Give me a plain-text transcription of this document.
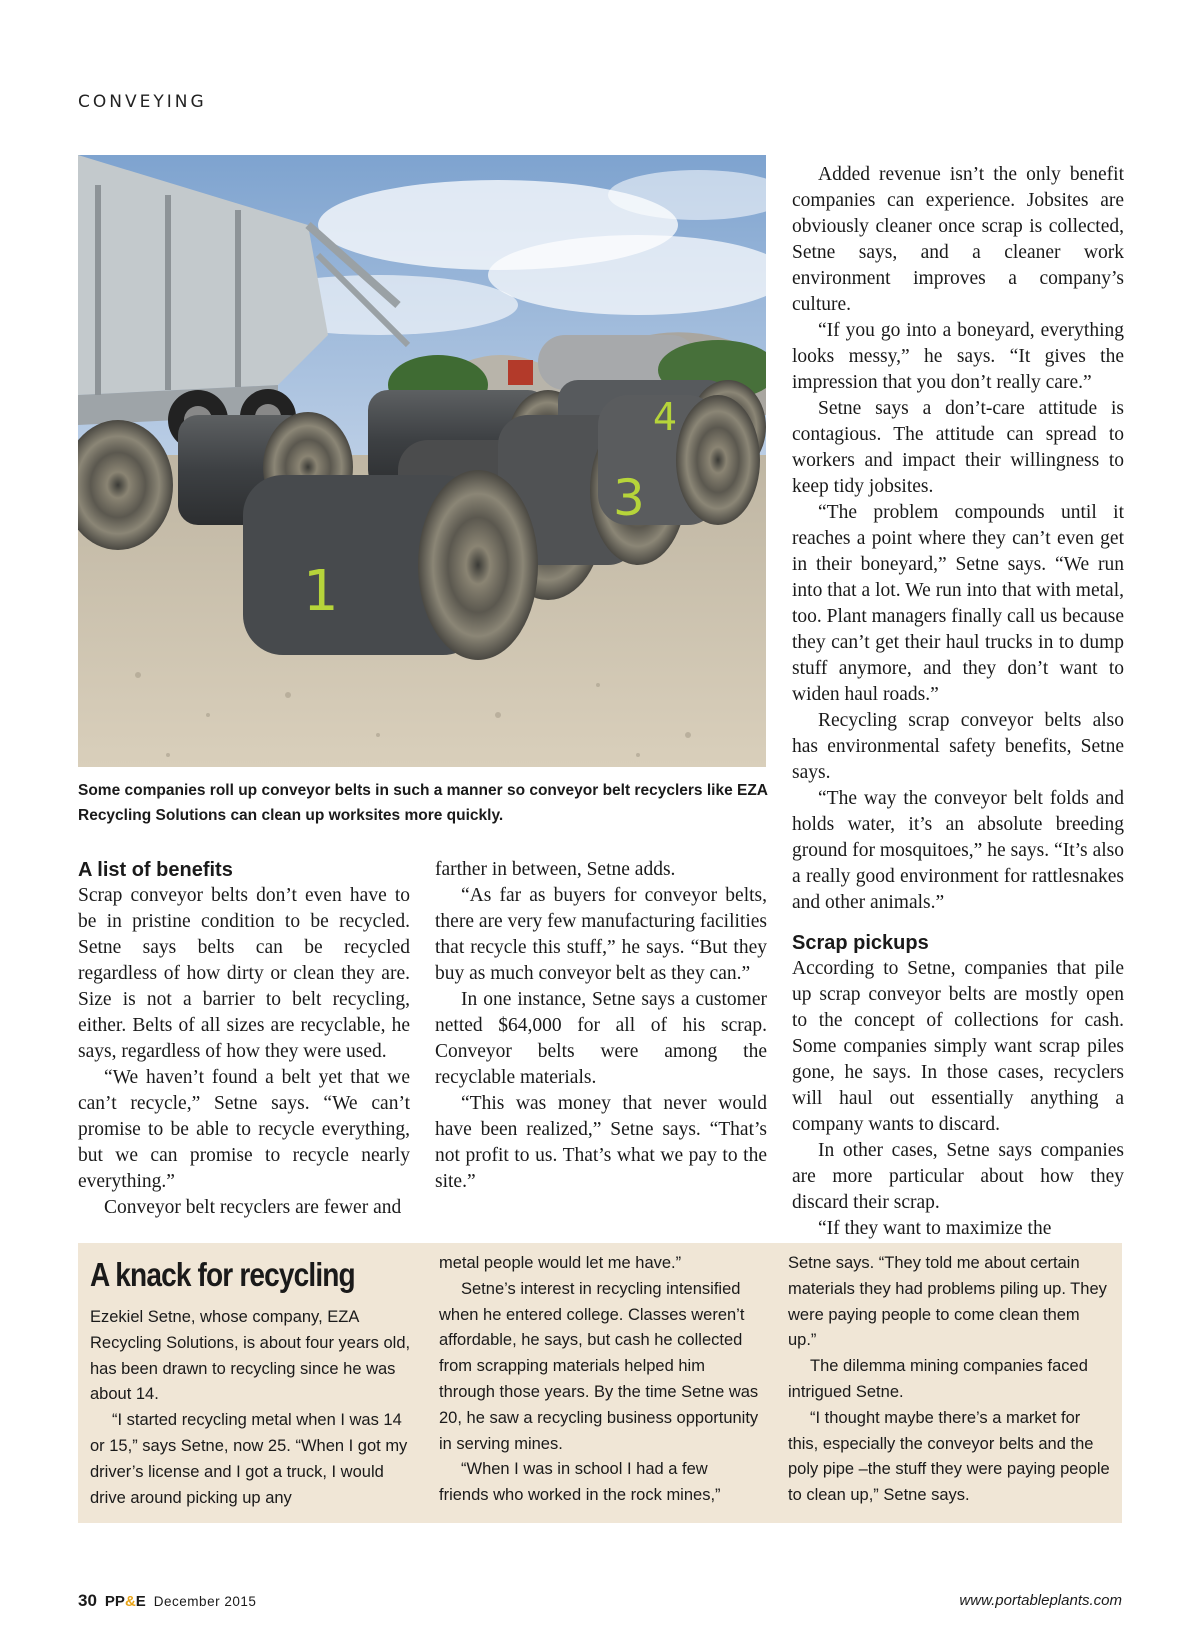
CONVEYING
1
3
4
Some companies roll up conveyor belts in such a manner so conveyor belt recyclers like EZA Recycling Solutions can clean up worksites more quickly.
A list of benefits

Scrap conveyor belts don’t even have to be in pristine condition to be recycled. Setne says belts can be recycled regardless of how dirty or clean they are. Size is not a barrier to belt recycling, either. Belts of all sizes are recyclable, he says, regardless of how they were used.

“We haven’t found a belt yet that we can’t recycle,” Setne says. “We can’t promise to be able to recycle everything, but we can promise to recycle nearly everything.”

Conveyor belt recyclers are fewer and

farther in between, Setne adds.

“As far as buyers for conveyor belts, there are very few manufacturing facilities that recycle this stuff,” he says. “But they buy as much conveyor belt as they can.”

In one instance, Setne says a customer netted $64,000 for all of his scrap. Conveyor belts were among the recyclable materials.

“This was money that never would have been realized,” Setne says. “That’s not profit to us. That’s what we pay to the site.”

Added revenue isn’t the only benefit companies can experience. Jobsites are obviously cleaner once scrap is collected, Setne says, and a cleaner work environment improves a company’s culture.

“If you go into a boneyard, everything looks messy,” he says. “It gives the impression that you don’t really care.”

Setne says a don’t-care attitude is contagious. The attitude can spread to workers and impact their willingness to keep tidy jobsites.

“The problem compounds until it reaches a point where they can’t even get in their boneyard,” Setne says. “We run into that a lot. We run into that with metal, too. Plant managers finally call us because they can’t get their haul trucks in to dump stuff anymore, and they don’t want to widen haul roads.”

Recycling scrap conveyor belts also has environmental safety benefits, Setne says.

“The way the conveyor belt folds and holds water, it’s an absolute breeding ground for mosquitoes,” he says. “It’s also a really good environment for rattlesnakes and other animals.”

Scrap pickups

According to Setne, companies that pile up scrap conveyor belts are mostly open to the concept of collections for cash. Some companies simply want scrap piles gone, he says. In those cases, recyclers will haul out essentially anything a company wants to discard.

In other cases, Setne says companies are more particular about how they discard their scrap.

“If they want to maximize the

A knack for recycling

Ezekiel Setne, whose company, EZA Recycling Solutions, is about four years old, has been drawn to recycling since he was about 14.

“I started recycling metal when I was 14 or 15,” says Setne, now 25. “When I got my driver’s license and I got a truck, I would drive around picking up any

metal people would let me have.”

Setne’s interest in recycling intensified when he entered college. Classes weren’t affordable, he says, but cash he collected from scrapping materials helped him through those years. By the time Setne was 20, he saw a recycling business opportunity in serving mines.

“When I was in school I had a few friends who worked in the rock mines,”

Setne says. “They told me about certain materials they had problems piling up. They were paying people to come clean them up.”

The dilemma mining companies faced intrigued Setne.

“I thought maybe there’s a market for this, especially the conveyor belts and the poly pipe –the stuff they were paying people to clean up,” Setne says.

30 PP&E December 2015	www.portableplants.com
